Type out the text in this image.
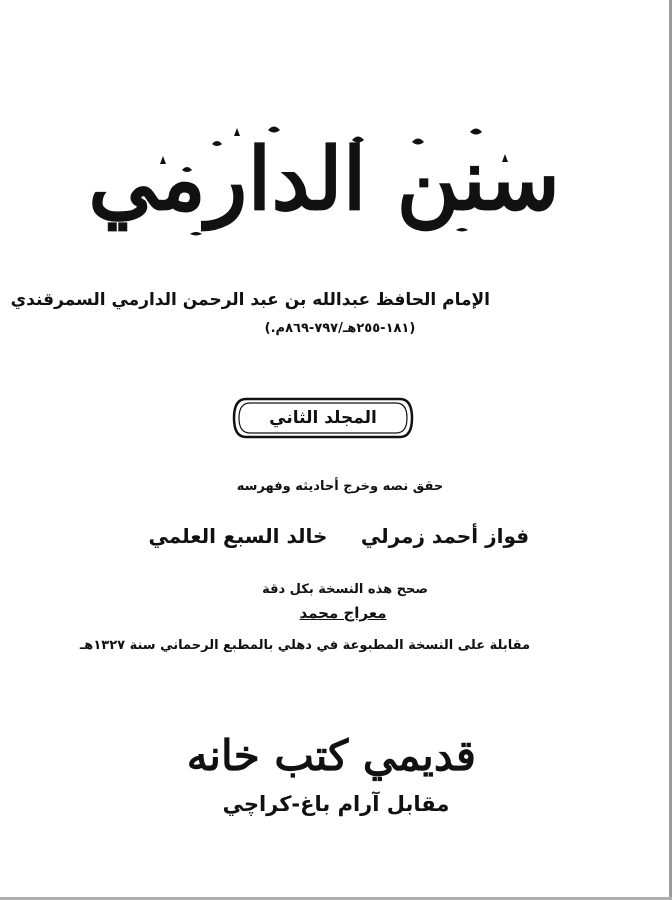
سنن الدارمي
الإمام الحافظ عبدالله بن عبد الرحمن الدارمي السمرقندي
(١٨١-٢٥٥هـ/٧٩٧-٨٦٩م.)
المجلد الثاني
حقق نصه وخرج أحاديثه وفهرسه
فواز أحمد زمرلي
خالد السبع العلمي
صحح هذه النسخة بكل دقة
معراج محمد
مقابلة على النسخة المطبوعة في دهلي بالمطبع الرحماني سنة ١٣٢٧هـ
قديمي كتب خانه
مقابل آرام باغ-كراچي
